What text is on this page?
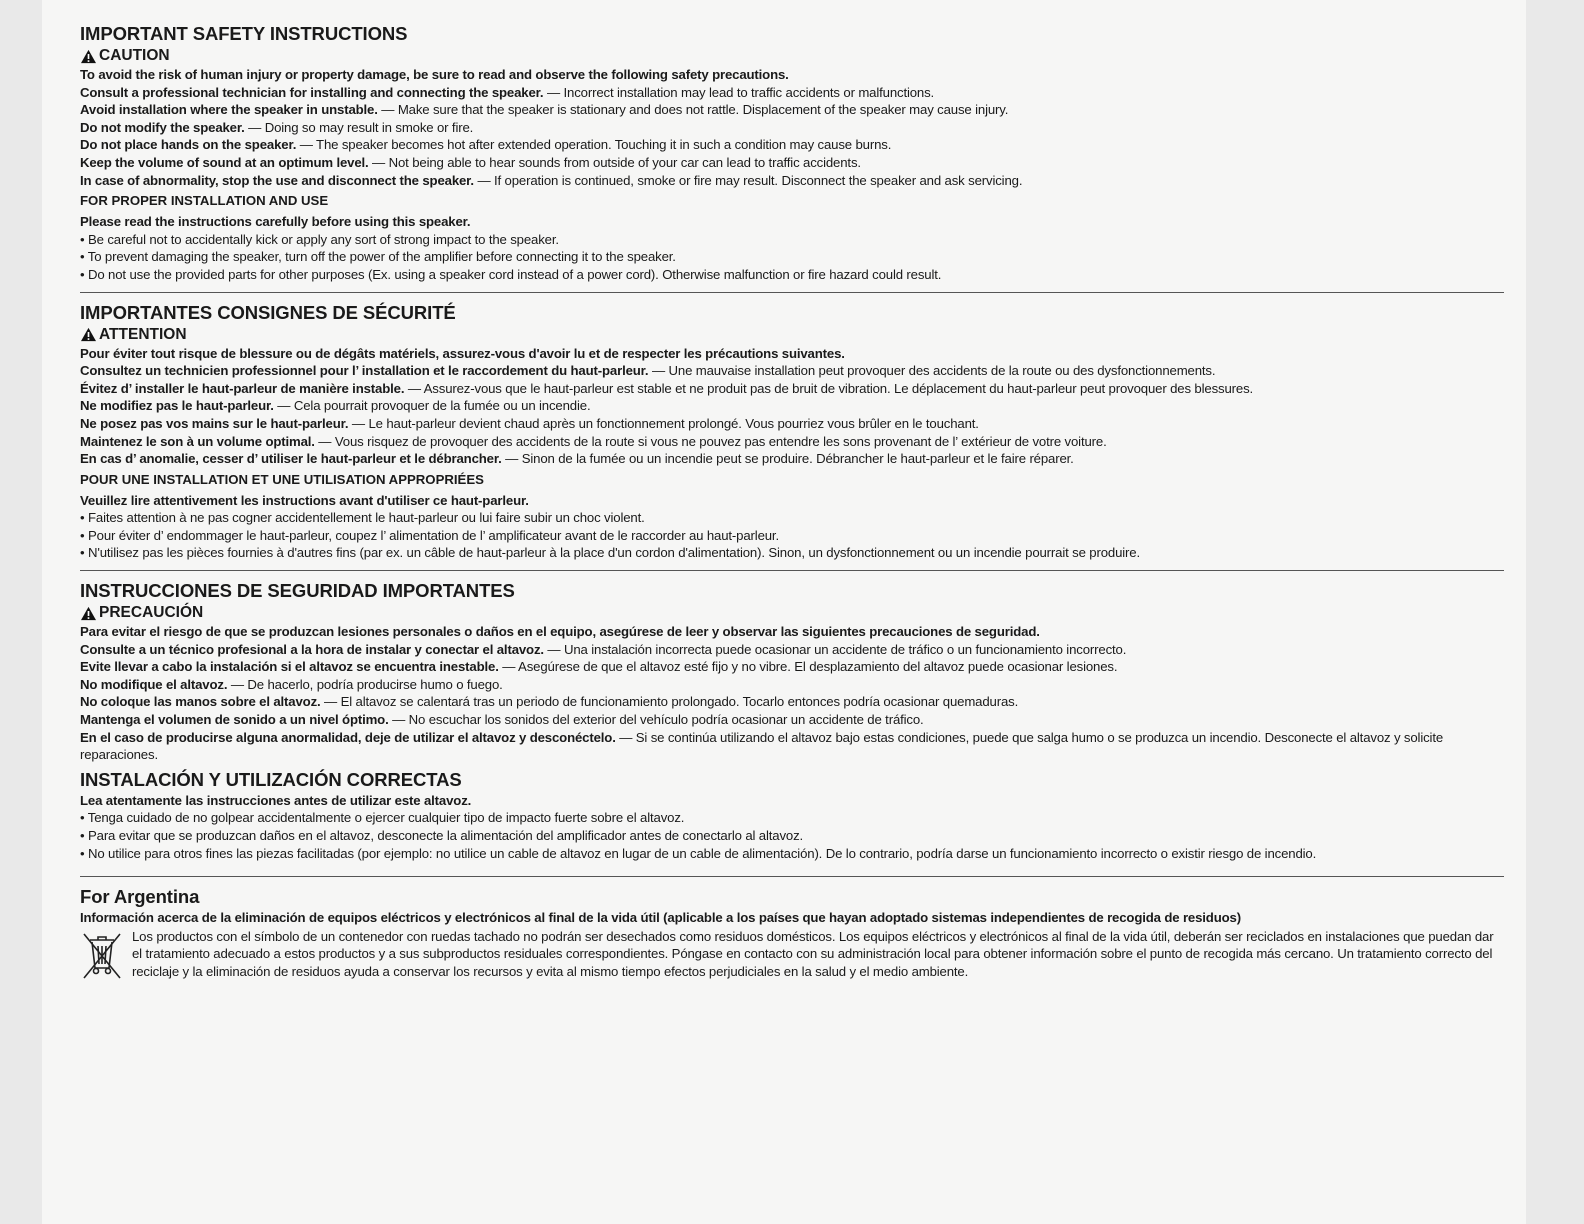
IMPORTANT SAFETY INSTRUCTIONS
CAUTION

To avoid the risk of human injury or property damage, be sure to read and observe the following safety precautions.

Consult a professional technician for installing and connecting the speaker. — Incorrect installation may lead to traffic accidents or malfunctions.

Avoid installation where the speaker in unstable. — Make sure that the speaker is stationary and does not rattle. Displacement of the speaker may cause injury.

Do not modify the speaker. — Doing so may result in smoke or fire.

Do not place hands on the speaker. — The speaker becomes hot after extended operation. Touching it in such a condition may cause burns.

Keep the volume of sound at an optimum level. — Not being able to hear sounds from outside of your car can lead to traffic accidents.

In case of abnormality, stop the use and disconnect the speaker. — If operation is continued, smoke or fire may result. Disconnect the speaker and ask servicing.

FOR PROPER INSTALLATION AND USE

Please read the instructions carefully before using this speaker.

• Be careful not to accidentally kick or apply any sort of strong impact to the speaker.

• To prevent damaging the speaker, turn off the power of the amplifier before connecting it to the speaker.

• Do not use the provided parts for other purposes (Ex. using a speaker cord instead of a power cord). Otherwise malfunction or fire hazard could result.

IMPORTANTES CONSIGNES DE SÉCURITÉ
ATTENTION

Pour éviter tout risque de blessure ou de dégâts matériels, assurez-vous d'avoir lu et de respecter les précautions suivantes.

Consultez un technicien professionnel pour l’ installation et le raccordement du haut-parleur. — Une mauvaise installation peut provoquer des accidents de la route ou des dysfonctionnements.

Évitez d’ installer le haut-parleur de manière instable. — Assurez-vous que le haut-parleur est stable et ne produit pas de bruit de vibration. Le déplacement du haut-parleur peut provoquer des blessures.

Ne modifiez pas le haut-parleur. — Cela pourrait provoquer de la fumée ou un incendie.

Ne posez pas vos mains sur le haut-parleur. — Le haut-parleur devient chaud après un fonctionnement prolongé. Vous pourriez vous brûler en le touchant.

Maintenez le son à un volume optimal. — Vous risquez de provoquer des accidents de la route si vous ne pouvez pas entendre les sons provenant de l’ extérieur de votre voiture.

En cas d’ anomalie, cesser d’ utiliser le haut-parleur et le débrancher. — Sinon de la fumée ou un incendie peut se produire. Débrancher le haut-parleur et le faire réparer.

POUR UNE INSTALLATION ET UNE UTILISATION APPROPRIÉES

Veuillez lire attentivement les instructions avant d'utiliser ce haut-parleur.

• Faites attention à ne pas cogner accidentellement le haut-parleur ou lui faire subir un choc violent.

• Pour éviter d’ endommager le haut-parleur, coupez l’ alimentation de l’ amplificateur avant de le raccorder au haut-parleur.

• N'utilisez pas les pièces fournies à d'autres fins (par ex. un câble de haut-parleur à la place d'un cordon d'alimentation). Sinon, un dysfonctionnement ou un incendie pourrait se produire.

INSTRUCCIONES DE SEGURIDAD IMPORTANTES
PRECAUCIÓN

Para evitar el riesgo de que se produzcan lesiones personales o daños en el equipo, asegúrese de leer y observar las siguientes precauciones de seguridad.

Consulte a un técnico profesional a la hora de instalar y conectar el altavoz. — Una instalación incorrecta puede ocasionar un accidente de tráfico o un funcionamiento incorrecto.

Evite llevar a cabo la instalación si el altavoz se encuentra inestable. — Asegúrese de que el altavoz esté fijo y no vibre. El desplazamiento del altavoz puede ocasionar lesiones.

No modifique el altavoz. — De hacerlo, podría producirse humo o fuego.

No coloque las manos sobre el altavoz. — El altavoz se calentará tras un periodo de funcionamiento prolongado. Tocarlo entonces podría ocasionar quemaduras.

Mantenga el volumen de sonido a un nivel óptimo. — No escuchar los sonidos del exterior del vehículo podría ocasionar un accidente de tráfico.

En el caso de producirse alguna anormalidad, deje de utilizar el altavoz y desconéctelo. — Si se continúa utilizando el altavoz bajo estas condiciones, puede que salga humo o se produzca un incendio. Desconecte el altavoz y solicite reparaciones.

INSTALACIÓN Y UTILIZACIÓN CORRECTAS

Lea atentamente las instrucciones antes de utilizar este altavoz.

• Tenga cuidado de no golpear accidentalmente o ejercer cualquier tipo de impacto fuerte sobre el altavoz.

• Para evitar que se produzcan daños en el altavoz, desconecte la alimentación del amplificador antes de conectarlo al altavoz.

• No utilice para otros fines las piezas facilitadas (por ejemplo: no utilice un cable de altavoz en lugar de un cable de alimentación). De lo contrario, podría darse un funcionamiento incorrecto o existir riesgo de incendio.

For Argentina

Información acerca de la eliminación de equipos eléctricos y electrónicos al final de la vida útil (aplicable a los países que hayan adoptado sistemas independientes de recogida de residuos)

Los productos con el símbolo de un contenedor con ruedas tachado no podrán ser desechados como residuos domésticos. Los equipos eléctricos y electrónicos al final de la vida útil, deberán ser reciclados en instalaciones que puedan dar el tratamiento adecuado a estos productos y a sus subproductos residuales correspondientes. Póngase en contacto con su administración local para obtener información sobre el punto de recogida más cercano. Un tratamiento correcto del reciclaje y la eliminación de residuos ayuda a conservar los recursos y evita al mismo tiempo efectos perjudiciales en la salud y el medio ambiente.
